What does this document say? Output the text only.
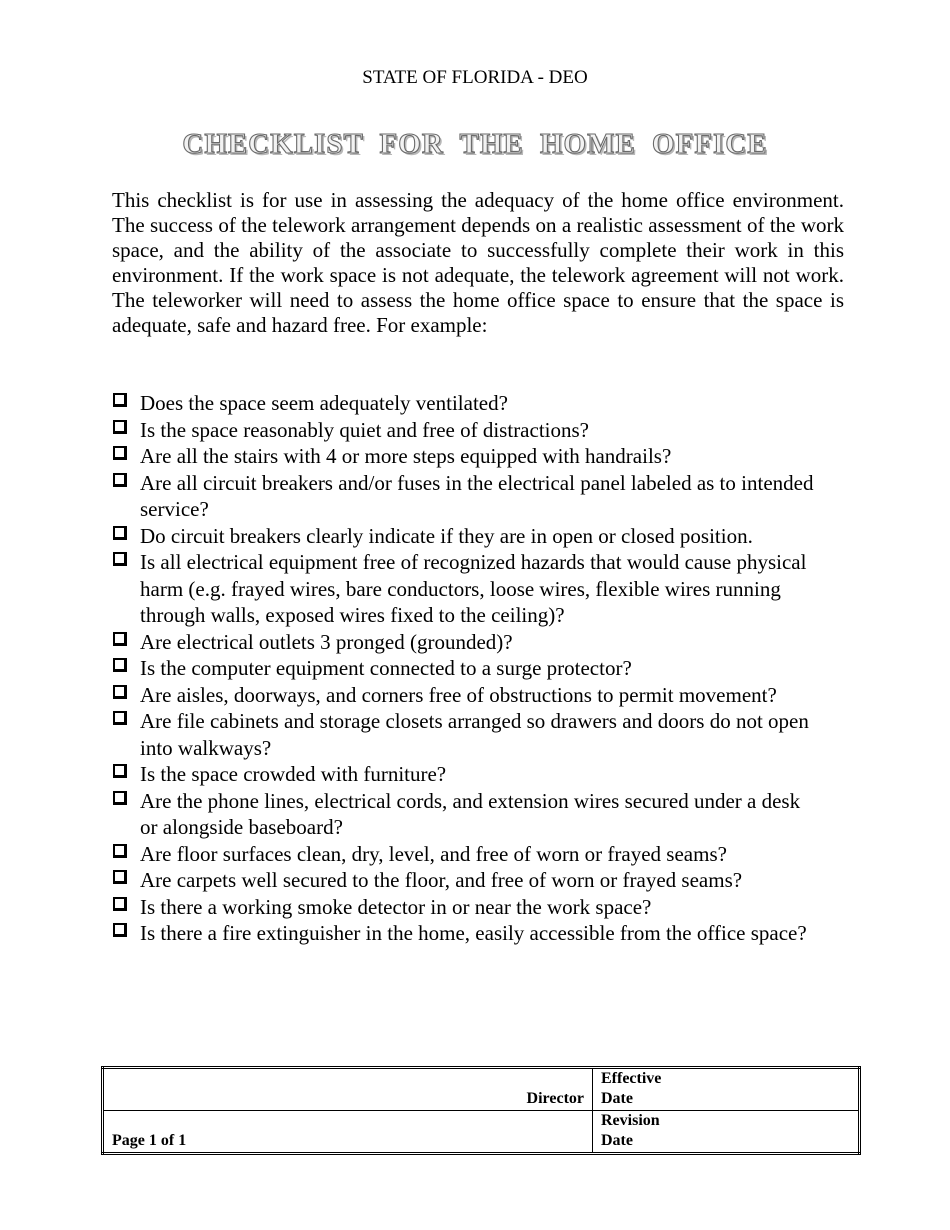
STATE OF FLORIDA - DEO
CHECKLIST FOR THE HOME OFFICE

This checklist is for use in assessing the adequacy of the home office environment. The success of the telework arrangement depends on a realistic assessment of the work space, and the ability of the associate to successfully complete their work in this environment. If the work space is not adequate, the telework agreement will not work. The teleworker will need to assess the home office space to ensure that the space is adequate, safe and hazard free. For example:

Does the space seem adequately ventilated?
Is the space reasonably quiet and free of distractions?
Are all the stairs with 4 or more steps equipped with handrails?
Are all circuit breakers and/or fuses in the electrical panel labeled as to intended
service?
Do circuit breakers clearly indicate if they are in open or closed position.
Is all electrical equipment free of recognized hazards that would cause physical
harm (e.g. frayed wires, bare conductors, loose wires, flexible wires running
through walls, exposed wires fixed to the ceiling)?
Are electrical outlets 3 pronged (grounded)?
Is the computer equipment connected to a surge protector?
Are aisles, doorways, and corners free of obstructions to permit movement?
Are file cabinets and storage closets arranged so drawers and doors do not open
into walkways?
Is the space crowded with furniture?
Are the phone lines, electrical cords, and extension wires secured under a desk
or alongside baseboard?
Are floor surfaces clean, dry, level, and free of worn or frayed seams?
Are carpets well secured to the floor, and free of worn or frayed seams?
Is there a working smoke detector in or near the work space?
Is there a fire extinguisher in the home, easily accessible from the office space?
Director	Effective
Date
Page 1 of 1	Revision
Date
